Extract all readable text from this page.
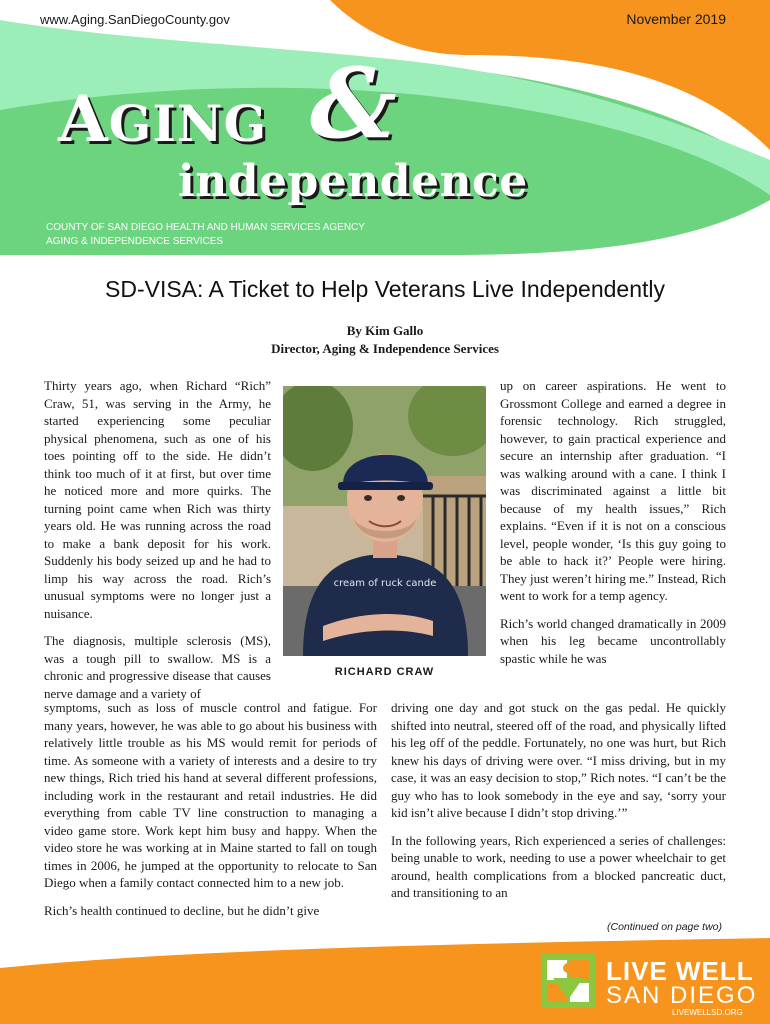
www.Aging.SanDiegoCounty.gov	November 2019
AGING &
independence
COUNTY OF SAN DIEGO HEALTH AND HUMAN SERVICES AGENCY
AGING & INDEPENDENCE SERVICES
SD-VISA: A Ticket to Help Veterans Live Independently
By Kim Gallo
Director, Aging & Independence Services

Thirty years ago, when Richard “Rich” Craw, 51, was serving in the Army, he started experiencing some peculiar physical phenomena, such as one of his toes pointing off to the side. He didn’t think too much of it at first, but over time he noticed more and more quirks. The turning point came when Rich was thirty years old. He was running across the road to make a bank deposit for his work. Suddenly his body seized up and he had to limp his way across the road. Rich’s unusual symptoms were no longer just a nuisance.

The diagnosis, multiple sclerosis (MS), was a tough pill to swallow. MS is a chronic and progressive disease that causes nerve damage and a variety of

up on career aspirations. He went to Grossmont College and earned a degree in forensic technology. Rich struggled, however, to gain practical experience and secure an internship after graduation. “I was walking around with a cane. I think I was discriminated against a little bit because of my health issues,” Rich explains. “Even if it is not on a conscious level, people wonder, ‘Is this guy going to be able to hack it?’ People were hiring. They just weren’t hiring me.” Instead, Rich went to work for a temp agency.

Rich’s world changed dramatically in 2009 when his leg became uncontrollably spastic while he was

symptoms, such as loss of muscle control and fatigue. For many years, however, he was able to go about his business with relatively little trouble as his MS would remit for periods of time. As someone with a variety of interests and a desire to try new things, Rich tried his hand at several different professions, including work in the restaurant and retail industries. He did everything from cable TV line construction to managing a video game store. Work kept him busy and happy. When the video store he was working at in Maine started to fall on tough times in 2006, he jumped at the opportunity to relocate to San Diego when a family contact connected him to a new job.

Rich’s health continued to decline, but he didn’t give

driving one day and got stuck on the gas pedal. He quickly shifted into neutral, steered off of the road, and physically lifted his leg off of the peddle. Fortunately, no one was hurt, but Rich knew his days of driving were over. “I miss driving, but in my case, it was an easy decision to stop,” Rich notes. “I can’t be the guy who has to look somebody in the eye and say, ‘sorry your kid isn’t alive because I didn’t stop driving.’”

In the following years, Rich experienced a series of challenges: being unable to work, needing to use a power wheelchair to get around, health complications from a blocked pancreatic duct, and transitioning to an

cream of ruck cande
RICHARD CRAW
(Continued on page two)
LIVE WELL
SAN DIEGO
LIVEWELLSD.ORG
